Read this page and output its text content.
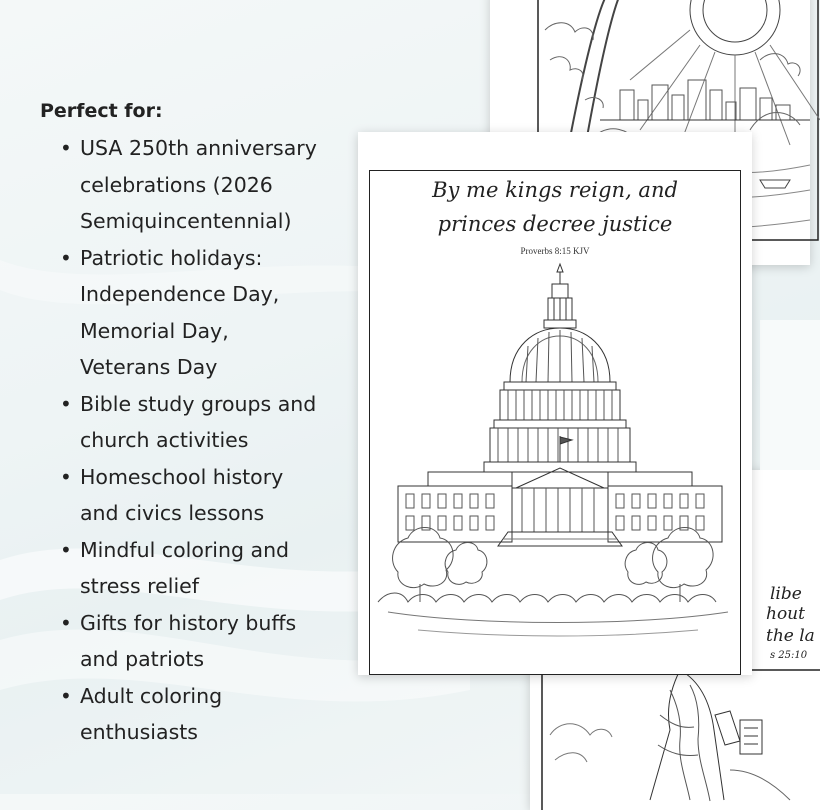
Perfect for:
• USA 250th anniversary
celebrations (2026
Semiquincentennial)
• Patriotic holidays:
Independence Day,
Memorial Day,
Veterans Day
• Bible study groups and
church activities
• Homeschool history
and civics lessons
• Mindful coloring and
stress relief
• Gifts for history buffs
and patriots
• Adult coloring
enthusiasts
libe
hout
the la
s 25:10
By me kings reign, and
princes decree justice
Proverbs 8:15 KJV
